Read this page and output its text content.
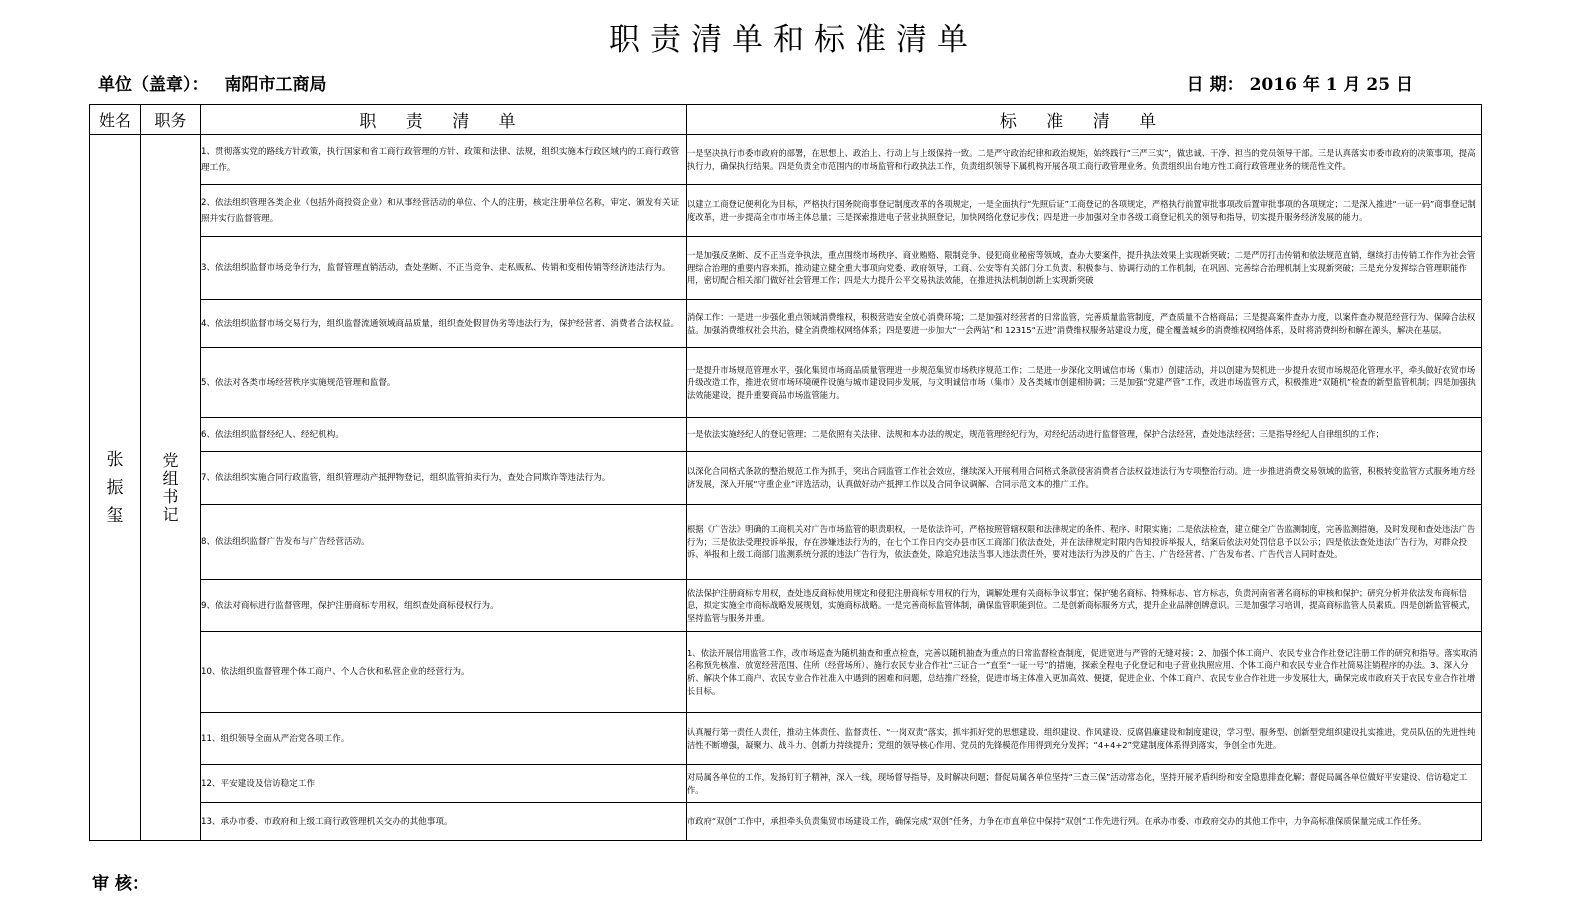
职责清单和标准清单
单位（盖章）： 南阳市工商局	日 期： 2016 年 1 月 25 日
姓名	职务	职 责 清 单	标 准 清 单
张振玺	党组书记	1、贯彻落实党的路线方针政策，执行国家和省工商行政管理的方针、政策和法律、法规，组织实施本行政区域内的工商行政管理工作。	一是坚决执行市委市政府的部署，在思想上、政治上、行动上与上级保持一致。二是严守政治纪律和政治规矩，始终践行“三严三实”，做忠诚、干净、担当的党员领导干部。三是认真落实市委市政府的决策事项，提高执行力，确保执行结果。四是负责全市范围内的市场监管和行政执法工作，负责组织领导下属机构开展各项工商行政管理业务。负责组织出台地方性工商行政管理业务的规范性文件。
		2、依法组织管理各类企业（包括外商投资企业）和从事经营活动的单位、个人的注册，核定注册单位名称，审定、颁发有关证照并实行监督管理。	以建立工商登记便利化为目标，严格执行国务院商事登记制度改革的各项规定，一是全面执行“先照后证”工商登记的各项规定，严格执行前置审批事项改后置审批事项的各项规定；二是深入推进“一证一码”商事登记制度改革，进一步提高全市市场主体总量；三是探索推进电子营业执照登记，加快网络化登记步伐；四是进一步加强对全市各级工商登记机关的领导和指导，切实提升服务经济发展的能力。
		3、依法组织监督市场竞争行为，监督管理直销活动，查处垄断、不正当竞争、走私贩私、传销和变相传销等经济违法行为。	一是加强反垄断、反不正当竞争执法，重点围绕市场秩序、商业贿赂、限制竞争、侵犯商业秘密等领域，查办大要案件，提升执法效果上实现新突破；二是严厉打击传销和依法规范直销，继续打击传销工作作为社会管理综合治理的重要内容来抓，推动建立健全重大事项向党委、政府领导，工商、公安等有关部门分工负责、积极参与、协调行动的工作机制，在巩固、完善综合治理机制上实现新突破；三是充分发挥综合管理职能作用，密切配合相关部门做好社会管理工作；四是大力提升公平交易执法效能，在推进执法机制创新上实现新突破
		4、依法组织监督市场交易行为，组织监督流通领域商品质量，组织查处假冒伪劣等违法行为，保护经营者、消费者合法权益。	消保工作：一是进一步强化重点领域消费维权，积极营造安全放心消费环境；二是加强对经营者的日常监管，完善质量监管制度，严查质量不合格商品；三是提高案件查办力度，以案件查办规范经营行为、保障合法权益。加强消费维权社会共治，健全消费维权网络体系；四是要进一步加大“一会两站”和 12315“五进”消费维权服务站建设力度，健全覆盖城乡的消费维权网络体系，及时将消费纠纷和解在源头，解决在基层。
		5、依法对各类市场经营秩序实施规范管理和监督。	一是提升市场规范管理水平，强化集贸市场商品质量管理进一步规范集贸市场秩序规范工作；二是进一步深化文明诚信市场（集市）创建活动，并以创建为契机进一步提升农贸市场规范化管理水平，牵头做好农贸市场升级改造工作，推进农贸市场环境硬件设施与城市建设同步发展，与文明诚信市场（集市）及各类城市创建相协调；三是加强“党建严管”工作，改进市场监管方式，积极推进“双随机”检查的新型监管机制；四是加强执法效能建设，提升重要商品市场监管能力。
		6、依法组织监督经纪人、经纪机构。	一是依法实施经纪人的登记管理；二是依照有关法律、法规和本办法的规定，规范管理经纪行为，对经纪活动进行监督管理，保护合法经营，查处违法经营；三是指导经纪人自律组织的工作；
		7、依法组织实施合同行政监管，组织管理动产抵押物登记，组织监管拍卖行为，查处合同欺诈等违法行为。	以深化合同格式条款的整治规范工作为抓手，突出合同监管工作社会效应，继续深入开展利用合同格式条款侵害消费者合法权益违法行为专项整治行动。进一步推进消费交易领域的监管，积极转变监管方式服务地方经济发展，深入开展“守重企业”评选活动，认真做好动产抵押工作以及合同争议调解、合同示范文本的推广工作。
		8、依法组织监督广告发布与广告经营活动。	根据《广告法》明确的工商机关对广告市场监管的职责职权，一是依法许可，严格按照管辖权限和法律规定的条件、程序、时限实施；二是依法检查，建立健全广告监测制度，完善监测措施，及时发现和查处违法广告行为；三是依法受理投诉举报，存在涉嫌违法行为的，在七个工作日内交办县市区工商部门依法查处，并在法律规定时限内告知投诉举报人，结案后依法对处罚信息予以公示；四是依法查处违法广告行为，对群众投诉、举报和上级工商部门监测系统分派的违法广告行为，依法查处，除追究违法当事人违法责任外，要对违法行为涉及的广告主、广告经营者、广告发布者、广告代言人同时查处。
		9、依法对商标进行监督管理，保护注册商标专用权，组织查处商标侵权行为。	依法保护注册商标专用权，查处违反商标使用规定和侵犯注册商标专用权的行为，调解处理有关商标争议事宜；保护驰名商标、特殊标志、官方标志，负责河南省著名商标的审核和保护；研究分析并依法发布商标信息，拟定实施全市商标战略发展规划，实施商标战略。一是完善商标监管体制，确保监管职能到位。二是创新商标服务方式，提升企业品牌创牌意识。三是加强学习培训，提高商标监管人员素质。四是创新监管模式，坚持监管与服务并重。
		10、依法组织监督管理个体工商户、个人合伙和私营企业的经营行为。	1、依法开展信用监管工作，改市场巡查为随机抽查和重点检查，完善以随机抽查为重点的日常监督检查制度，促进宽进与严管的无缝对接；2、加强个体工商户、农民专业合作社登记注册工作的研究和指导。落实取消名称预先核准、放宽经营范围、住所（经营场所）、施行农民专业合作社“三证合一”直至“一证一号”的措施，探索全程电子化登记和电子营业执照应用、个体工商户和农民专业合作社简易注销程序的办法。3、深入分析、解决个体工商户、农民专业合作社准入中遇到的困难和问题，总结推广经验，促进市场主体准入更加高效、便捷，促进企业、个体工商户、农民专业合作社进一步发展壮大，确保完成市政府关于农民专业合作社增长目标。
		11、组织领导全面从严治党各项工作。	认真履行第一责任人责任，推动主体责任、监督责任、“一岗双责”落实，抓牢抓好党的思想建设、组织建设、作风建设、反腐倡廉建设和制度建设，学习型、服务型、创新型党组织建设扎实推进，党员队伍的先进性纯洁性不断增强，凝聚力、战斗力、创新力持续提升；党组的领导核心作用、党员的先锋模范作用得到充分发挥；“4+4+2”党建制度体系得到落实，争创全市先进。
		12、平安建设及信访稳定工作	对局属各单位的工作，发扬钉钉子精神，深入一线，现场督导指导，及时解决问题；督促局属各单位坚持“三查三保”活动常态化，坚持开展矛盾纠纷和安全隐患排查化解；督促局属各单位做好平安建设、信访稳定工作。
		13、承办市委、市政府和上级工商行政管理机关交办的其他事项。	市政府“双创”工作中，承担牵头负责集贸市场建设工作，确保完成“双创”任务，力争在市直单位中保持“双创”工作先进行列。在承办市委、市政府交办的其他工作中，力争高标准保质保量完成工作任务。
审 核：
